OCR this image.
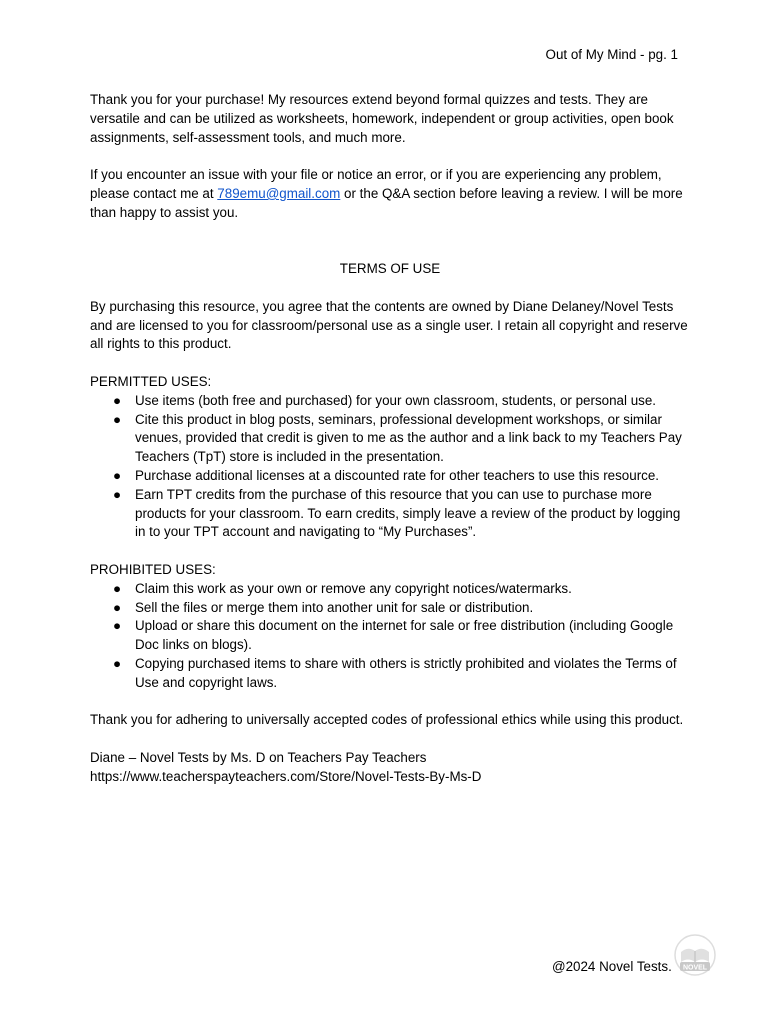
Out of My Mind - pg. 1

Thank you for your purchase! My resources extend beyond formal quizzes and tests. They are versatile and can be utilized as worksheets, homework, independent or group activities, open book assignments, self-assessment tools, and much more.

If you encounter an issue with your file or notice an error, or if you are experiencing any problem, please contact me at 789emu@gmail.com or the Q&A section before leaving a review. I will be more than happy to assist you.

TERMS OF USE

By purchasing this resource, you agree that the contents are owned by Diane Delaney/Novel Tests and are licensed to you for classroom/personal use as a single user. I retain all copyright and reserve all rights to this product.

PERMITTED USES:

● Use items (both free and purchased) for your own classroom, students, or personal use.
● Cite this product in blog posts, seminars, professional development workshops, or similar venues, provided that credit is given to me as the author and a link back to my Teachers Pay Teachers (TpT) store is included in the presentation.
● Purchase additional licenses at a discounted rate for other teachers to use this resource.
● Earn TPT credits from the purchase of this resource that you can use to purchase more products for your classroom. To earn credits, simply leave a review of the product by logging in to your TPT account and navigating to “My Purchases”.

PROHIBITED USES:

● Claim this work as your own or remove any copyright notices/watermarks.
● Sell the files or merge them into another unit for sale or distribution.
● Upload or share this document on the internet for sale or free distribution (including Google Doc links on blogs).
● Copying purchased items to share with others is strictly prohibited and violates the Terms of Use and copyright laws.

Thank you for adhering to universally accepted codes of professional ethics while using this product.

Diane – Novel Tests by Ms. D on Teachers Pay Teachers

https://www.teacherspayteachers.com/Store/Novel-Tests-By-Ms-D

NOVEL
@2024 Novel Tests.
